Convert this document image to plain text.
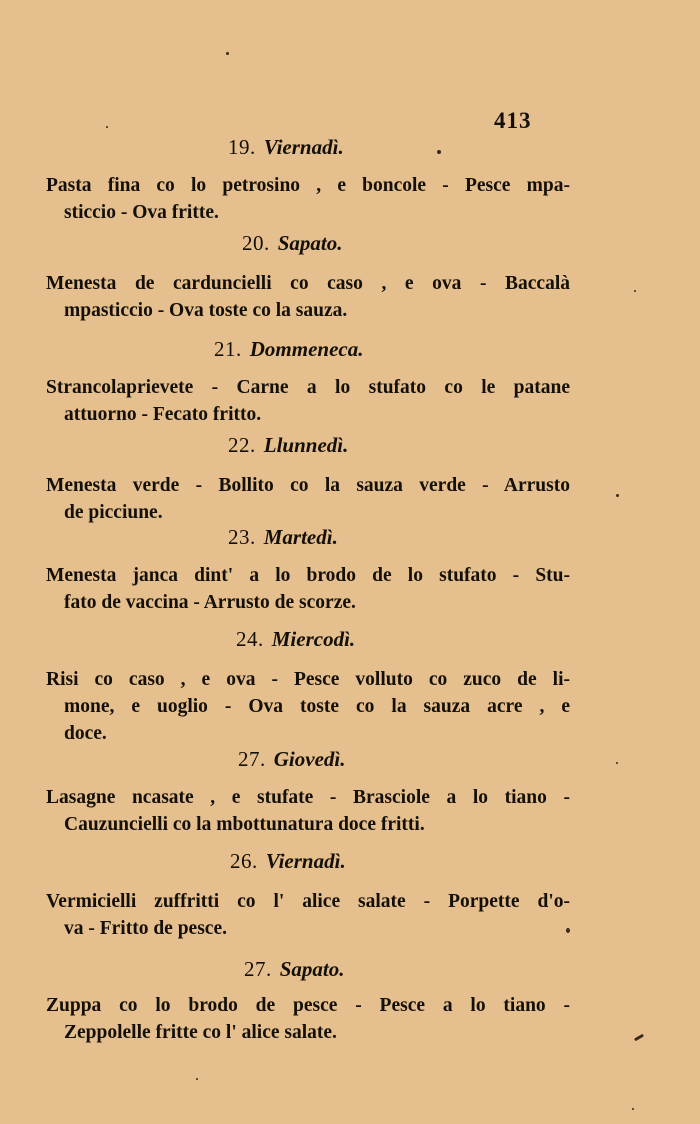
413
19. Viernadì.
Pasta fina co lo petrosino , e boncole - Pesce mpa-
sticcio - Ova fritte.
20. Sapato.
Menesta de carduncielli co caso , e ova - Baccalà
mpasticcio - Ova toste co la sauza.
21. Dommeneca.
Strancolaprievete - Carne a lo stufato co le patane
attuorno - Fecato fritto.
22. Llunnedì.
Menesta verde - Bollito co la sauza verde - Arrusto
de picciune.
23. Martedì.
Menesta janca dint' a lo brodo de lo stufato - Stu-
fato de vaccina - Arrusto de scorze.
24. Miercodì.
Risi co caso , e ova - Pesce volluto co zuco de li-
mone, e uoglio - Ova toste co la sauza acre , e
doce.
27. Giovedì.
Lasagne ncasate , e stufate - Brasciole a lo tiano -
Cauzuncielli co la mbottunatura doce fritti.
26. Viernadì.
Vermicielli zuffritti co l' alice salate - Porpette d'o-
va - Fritto de pesce.
27. Sapato.
Zuppa co lo brodo de pesce - Pesce a lo tiano -
Zeppolelle fritte co l' alice salate.
